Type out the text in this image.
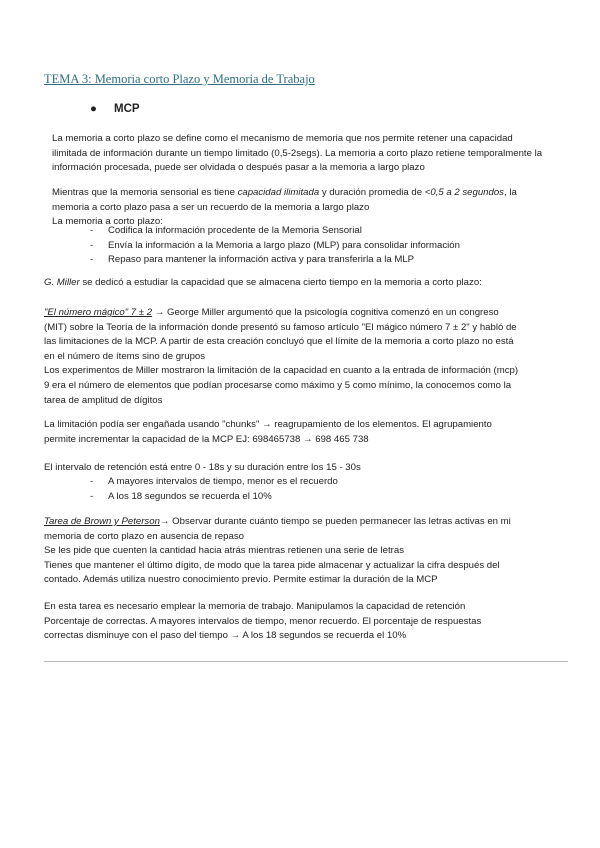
TEMA 3: Memoria corto Plazo y Memoria de Trabajo
● MCP
La memoria a corto plazo se define como el mecanismo de memoria que nos permite retener una capacidad
ilimitada de información durante un tiempo limitado (0,5-2segs). La memoria a corto plazo retiene temporalmente la
información procesada, puede ser olvidada o después pasar a la memoria a largo plazo
Mientras que la memoria sensorial es tiene capacidad ilimitada y duración promedia de <0,5 a 2 segundos, la
memoria a corto plazo pasa a ser un recuerdo de la memoria a largo plazo
La memoria a corto plazo:
- Codifica la información procedente de la Memoria Sensorial
- Envía la información a la Memoria a largo plazo (MLP) para consolidar información
- Repaso para mantener la información activa y para transferirla a la MLP
G. Miller se dedicó a estudiar la capacidad que se almacena cierto tiempo en la memoria a corto plazo:
"El número mágico" 7 ± 2 → George Miller argumentó que la psicología cognitiva comenzó en un congreso
(MIT) sobre la Teoría de la información donde presentó su famoso artículo "El mágico número 7 ± 2" y habló de
las limitaciones de la MCP. A partir de esta creación concluyó que el límite de la memoria a corto plazo no está
en el número de ítems sino de grupos
Los experimentos de Miller mostraron la limitación de la capacidad en cuanto a la entrada de información (mcp)
9 era el número de elementos que podían procesarse como máximo y 5 como mínimo, la conocemos como la
tarea de amplitud de dígitos
La limitación podía ser engañada usando "chunks" → reagrupamiento de los elementos. El agrupamiento
permite incrementar la capacidad de la MCP EJ: 698465738 → 698 465 738
El intervalo de retención está entre 0 - 18s y su duración entre los 15 - 30s
- A mayores intervalos de tiempo, menor es el recuerdo
- A los 18 segundos se recuerda el 10%
Tarea de Brown y Peterson→ Observar durante cuánto tiempo se pueden permanecer las letras activas en mi
memoria de corto plazo en ausencia de repaso
Se les pide que cuenten la cantidad hacia atrás mientras retienen una serie de letras
Tienes que mantener el último dígito, de modo que la tarea pide almacenar y actualizar la cifra después del
contado. Además utiliza nuestro conocimiento previo. Permite estimar la duración de la MCP
En esta tarea es necesario emplear la memoria de trabajo. Manipulamos la capacidad de retención
Porcentaje de correctas. A mayores intervalos de tiempo, menor recuerdo. El porcentaje de respuestas
correctas disminuye con el paso del tiempo → A los 18 segundos se recuerda el 10%
